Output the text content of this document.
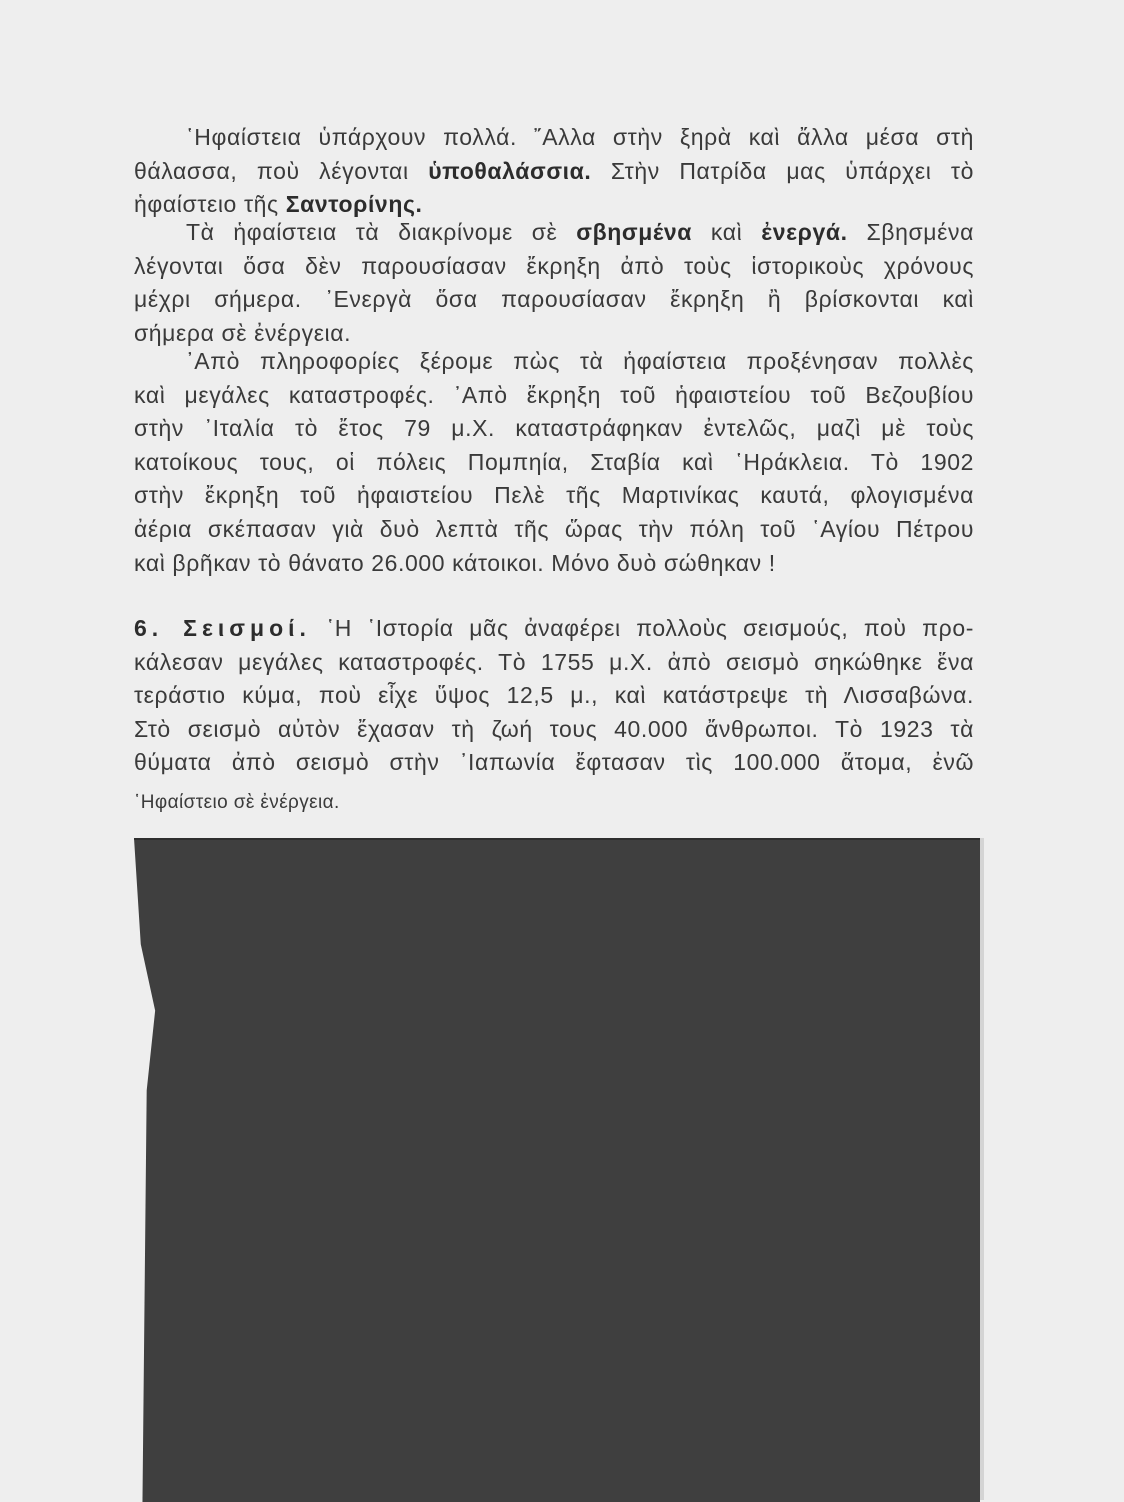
῾Ηφαίστεια ὑπάρχουν πολλά. ῎Αλλα στὴν ξηρὰ καὶ ἄλλα μέσα στὴ
θάλασσα, ποὺ λέγονται ὑποθαλάσσια. Στὴν Πατρίδα μας ὑπάρχει τὸ
ἡφαίστειο τῆς Σαντορίνης.
Τὰ ἡφαίστεια τὰ διακρίνομε σὲ σβησμένα καὶ ἐνεργά. Σβησμένα
λέγονται ὅσα δὲν παρουσίασαν ἔκρηξη ἀπὸ τοὺς ἱστορικοὺς χρόνους
μέχρι σήμερα. ᾽Ενεργὰ ὅσα παρουσίασαν ἔκρηξη ἢ βρίσκονται καὶ
σήμερα σὲ ἐνέργεια.
᾽Απὸ πληροφορίες ξέρομε πὼς τὰ ἡφαίστεια προξένησαν πολλὲς
καὶ μεγάλες καταστροφές. ᾽Απὸ ἔκρηξη τοῦ ἡφαιστείου τοῦ Βεζουβίου
στὴν ᾽Ιταλία τὸ ἔτος 79 μ.Χ. καταστράφηκαν ἐντελῶς, μαζὶ μὲ τοὺς
κατοίκους τους, οἱ πόλεις Πομπηία, Σταβία καὶ ῾Ηράκλεια. Τὸ 1902
στὴν ἔκρηξη τοῦ ἡφαιστείου Πελὲ τῆς Μαρτινίκας καυτά, φλογισμένα
ἀέρια σκέπασαν γιὰ δυὸ λεπτὰ τῆς ὥρας τὴν πόλη τοῦ ῾Αγίου Πέτρου
καὶ βρῆκαν τὸ θάνατο 26.000 κάτοικοι. Μόνο δυὸ σώθηκαν !
6. Σεισμοί. ῾Η ῾Ιστορία μᾶς ἀναφέρει πολλοὺς σεισμούς, ποὺ προ-
κάλεσαν μεγάλες καταστροφές. Τὸ 1755 μ.Χ. ἀπὸ σεισμὸ σηκώθηκε ἕνα
τεράστιο κύμα, ποὺ εἶχε ὕψος 12,5 μ., καὶ κατάστρεψε τὴ Λισσαβώνα.
Στὸ σεισμὸ αὐτὸν ἔχασαν τὴ ζωή τους 40.000 ἄνθρωποι. Τὸ 1923 τὰ
θύματα ἀπὸ σεισμὸ στὴν ᾽Ιαπωνία ἔφτασαν τὶς 100.000 ἄτομα, ἐνῶ
῾Ηφαίστειο σὲ ἐνέργεια.
